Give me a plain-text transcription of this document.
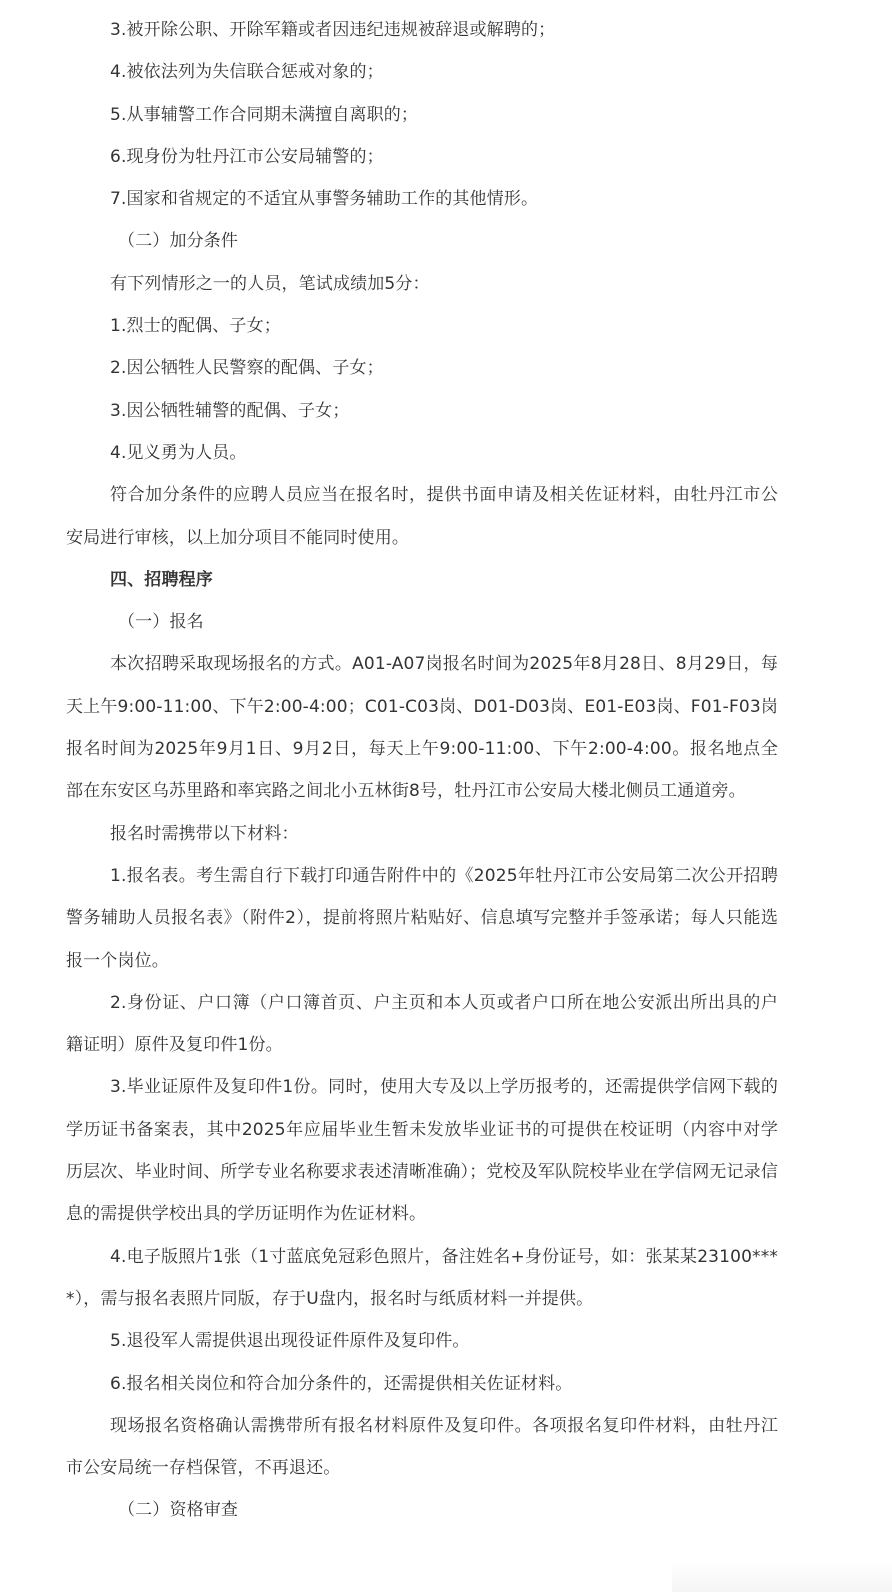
3.被开除公职、开除军籍或者因违纪违规被辞退或解聘的；

4.被依法列为失信联合惩戒对象的；

5.从事辅警工作合同期未满擅自离职的；

6.现身份为牡丹江市公安局辅警的；

7.国家和省规定的不适宜从事警务辅助工作的其他情形。

（二）加分条件

有下列情形之一的人员，笔试成绩加5分：

1.烈士的配偶、子女；

2.因公牺牲人民警察的配偶、子女；

3.因公牺牲辅警的配偶、子女；

4.见义勇为人员。

符合加分条件的应聘人员应当在报名时，提供书面申请及相关佐证材料，由牡丹江市公安局进行审核，以上加分项目不能同时使用。

四、招聘程序

（一）报名

本次招聘采取现场报名的方式。A01-A07岗报名时间为2025年8月28日、8月29日，每天上午9:00-11:00、下午2:00-4:00；C01-C03岗、D01-D03岗、E01-E03岗、F01-F03岗报名时间为2025年9月1日、9月2日，每天上午9:00-11:00、下午2:00-4:00。报名地点全部在东安区乌苏里路和率宾路之间北小五林街8号，牡丹江市公安局大楼北侧员工通道旁。

报名时需携带以下材料：

1.报名表。考生需自行下载打印通告附件中的《2025年牡丹江市公安局第二次公开招聘警务辅助人员报名表》（附件2），提前将照片粘贴好、信息填写完整并手签承诺；每人只能选报一个岗位。

2.身份证、户口簿（户口簿首页、户主页和本人页或者户口所在地公安派出所出具的户籍证明）原件及复印件1份。

3.毕业证原件及复印件1份。同时，使用大专及以上学历报考的，还需提供学信网下载的学历证书备案表，其中2025年应届毕业生暂未发放毕业证书的可提供在校证明（内容中对学历层次、毕业时间、所学专业名称要求表述清晰准确）；党校及军队院校毕业在学信网无记录信息的需提供学校出具的学历证明作为佐证材料。

4.电子版照片1张（1寸蓝底免冠彩色照片，备注姓名+身份证号，如：张某某23100****），需与报名表照片同版，存于U盘内，报名时与纸质材料一并提供。

5.退役军人需提供退出现役证件原件及复印件。

6.报名相关岗位和符合加分条件的，还需提供相关佐证材料。

现场报名资格确认需携带所有报名材料原件及复印件。各项报名复印件材料，由牡丹江市公安局统一存档保管，不再退还。

（二）资格审查
